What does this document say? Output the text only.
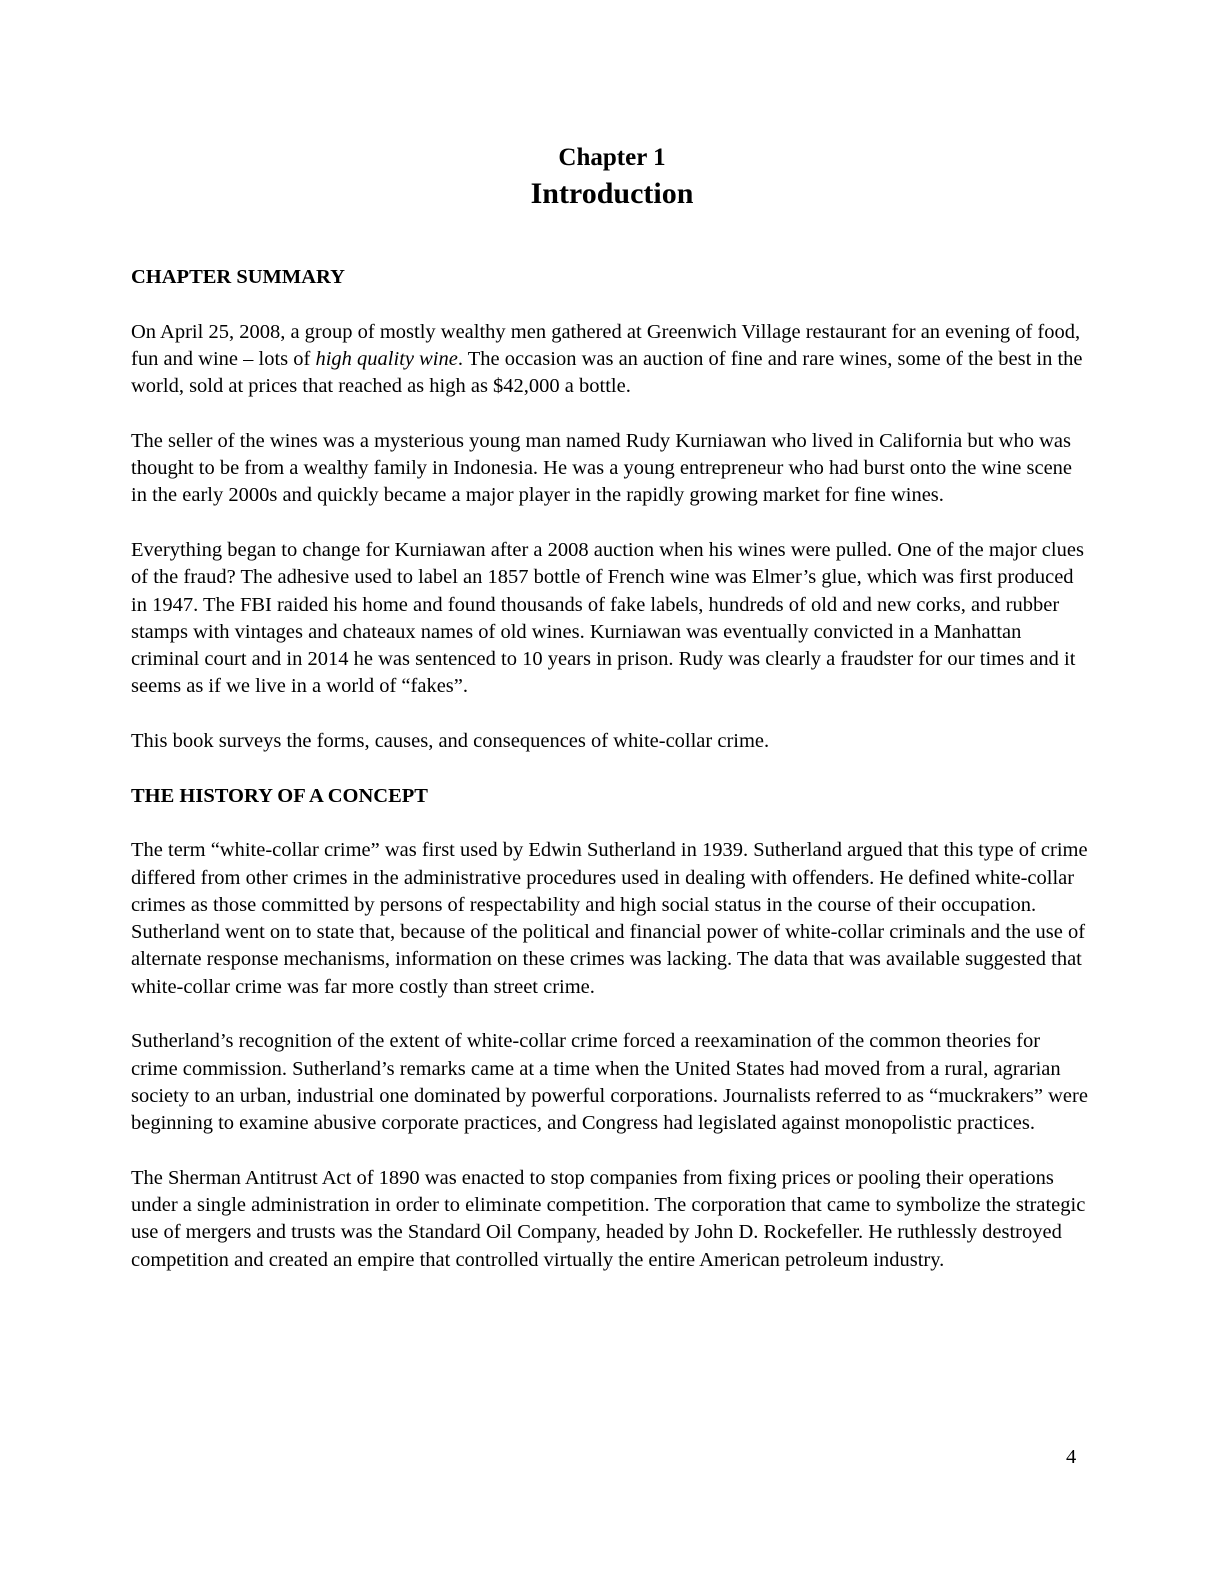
Chapter 1
Introduction
CHAPTER SUMMARY

On April 25, 2008, a group of mostly wealthy men gathered at Greenwich Village restaurant for an evening of food, fun and wine – lots of high quality wine. The occasion was an auction of fine and rare wines, some of the best in the world, sold at prices that reached as high as $42,000 a bottle.

The seller of the wines was a mysterious young man named Rudy Kurniawan who lived in California but who was thought to be from a wealthy family in Indonesia. He was a young entrepreneur who had burst onto the wine scene in the early 2000s and quickly became a major player in the rapidly growing market for fine wines.

Everything began to change for Kurniawan after a 2008 auction when his wines were pulled. One of the major clues of the fraud? The adhesive used to label an 1857 bottle of French wine was Elmer’s glue, which was first produced in 1947. The FBI raided his home and found thousands of fake labels, hundreds of old and new corks, and rubber stamps with vintages and chateaux names of old wines. Kurniawan was eventually convicted in a Manhattan criminal court and in 2014 he was sentenced to 10 years in prison. Rudy was clearly a fraudster for our times and it seems as if we live in a world of “fakes”.

This book surveys the forms, causes, and consequences of white-collar crime.

THE HISTORY OF A CONCEPT

The term “white-collar crime” was first used by Edwin Sutherland in 1939. Sutherland argued that this type of crime differed from other crimes in the administrative procedures used in dealing with offenders. He defined white-collar crimes as those committed by persons of respectability and high social status in the course of their occupation. Sutherland went on to state that, because of the political and financial power of white-collar criminals and the use of alternate response mechanisms, information on these crimes was lacking. The data that was available suggested that white-collar crime was far more costly than street crime.

Sutherland’s recognition of the extent of white-collar crime forced a reexamination of the common theories for crime commission. Sutherland’s remarks came at a time when the United States had moved from a rural, agrarian society to an urban, industrial one dominated by powerful corporations. Journalists referred to as “muckrakers” were beginning to examine abusive corporate practices, and Congress had legislated against monopolistic practices.

The Sherman Antitrust Act of 1890 was enacted to stop companies from fixing prices or pooling their operations under a single administration in order to eliminate competition. The corporation that came to symbolize the strategic use of mergers and trusts was the Standard Oil Company, headed by John D. Rockefeller. He ruthlessly destroyed competition and created an empire that controlled virtually the entire American petroleum industry.

4
